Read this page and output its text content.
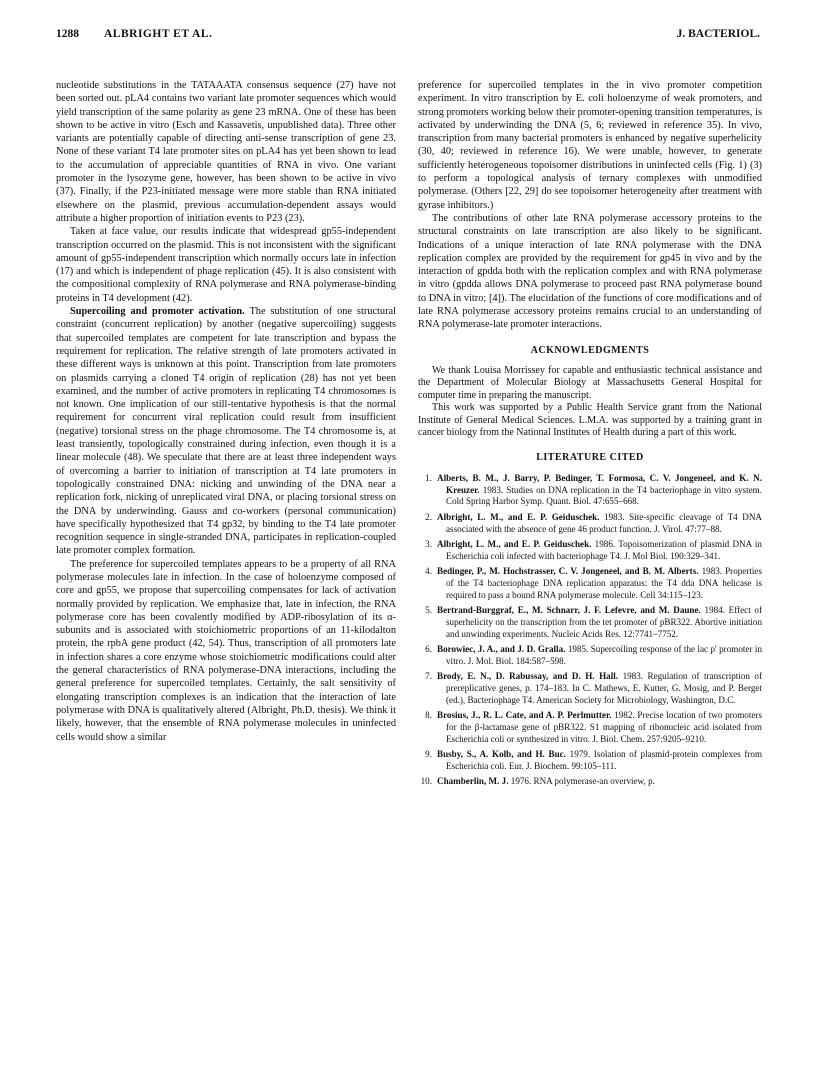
1288 ALBRIGHT ET AL.	J. BACTERIOL.

nucleotide substitutions in the TATAAATA consensus sequence (27) have not been sorted out. pLA4 contains two variant late promoter sequences which would yield transcription of the same polarity as gene 23 mRNA. One of these has been shown to be active in vitro (Esch and Kassavetis, unpublished data). Three other variants are potentially capable of directing anti-sense transcription of gene 23. None of these variant T4 late promoter sites on pLA4 has yet been shown to lead to the accumulation of appreciable quantities of RNA in vivo. One variant promoter in the lysozyme gene, however, has been shown to be active in vivo (37). Finally, if the P23-initiated message were more stable than RNA initiated elsewhere on the plasmid, previous accumulation-dependent assays would attribute a higher proportion of initiation events to P23 (23).

Taken at face value, our results indicate that widespread gp55-independent transcription occurred on the plasmid. This is not inconsistent with the significant amount of gp55-independent transcription which normally occurs late in infection (17) and which is independent of phage replication (45). It is also consistent with the compositional complexity of RNA polymerase and RNA polymerase-binding proteins in T4 development (42).

Supercoiling and promoter activation. The substitution of one structural constraint (concurrent replication) by another (negative supercoiling) suggests that supercoiled templates are competent for late transcription and bypass the requirement for replication. The relative strength of late promoters activated in these different ways is unknown at this point. Transcription from late promoters on plasmids carrying a cloned T4 origin of replication (28) has not yet been examined, and the number of active promoters in replicating T4 chromosomes is not known. One implication of our still-tentative hypothesis is that the normal requirement for concurrent viral replication could result from insufficient (negative) torsional stress on the phage chromosome. The T4 chromosome is, at least transiently, topologically constrained during infection, even though it is a linear molecule (48). We speculate that there are at least three independent ways of overcoming a barrier to initiation of transcription at T4 late promoters in topologically constrained DNA: nicking and unwinding of the DNA near a replication fork, nicking of unreplicated viral DNA, or placing torsional stress on the DNA by underwinding. Gauss and co-workers (personal communication) have specifically hypothesized that T4 gp32, by binding to the T4 late promoter recognition sequence in single-stranded DNA, participates in replication-coupled late promoter complex formation.

The preference for supercoiled templates appears to be a property of all RNA polymerase molecules late in infection. In the case of holoenzyme composed of core and gp55, we propose that supercoiling compensates for lack of activation normally provided by replication. We emphasize that, late in infection, the RNA polymerase core has been covalently modified by ADP-ribosylation of its α-subunits and is associated with stoichiometric proportions of an 11-kilodalton protein, the rpbA gene product (42, 54). Thus, transcription of all promoters late in infection shares a core enzyme whose stoichiometric modifications could alter the general characteristics of RNA polymerase-DNA interactions, including the general preference for supercoiled templates. Certainly, the salt sensitivity of elongating transcription complexes is an indication that the interaction of late polymerase with DNA is qualitatively altered (Albright, Ph.D. thesis). We think it likely, however, that the ensemble of RNA polymerase molecules in uninfected cells would show a similar

preference for supercoiled templates in the in vivo promoter competition experiment. In vitro transcription by E. coli holoenzyme of weak promoters, and strong promoters working below their promoter-opening transition temperatures, is activated by underwinding the DNA (5, 6; reviewed in reference 35). In vivo, transcription from many bacterial promoters is enhanced by negative superhelicity (30, 40; reviewed in reference 16). We were unable, however, to generate sufficiently heterogeneous topoisomer distributions in uninfected cells (Fig. 1) (3) to perform a topological analysis of ternary complexes with unmodified polymerase. (Others [22, 29] do see topoisomer heterogeneity after treatment with gyrase inhibitors.)

The contributions of other late RNA polymerase accessory proteins to the structural constraints on late transcription are also likely to be significant. Indications of a unique interaction of late RNA polymerase with the DNA replication complex are provided by the requirement for gp45 in vivo and by the interaction of gpdda both with the replication complex and with RNA polymerase in vitro (gpdda allows DNA polymerase to proceed past RNA polymerase bound to DNA in vitro; [4]). The elucidation of the functions of core modifications and of late RNA polymerase accessory proteins remains crucial to an understanding of RNA polymerase-late promoter interactions.

ACKNOWLEDGMENTS

We thank Louisa Morrissey for capable and enthusiastic technical assistance and the Department of Molecular Biology at Massachusetts General Hospital for computer time in preparing the manuscript.

This work was supported by a Public Health Service grant from the National Institute of General Medical Sciences. L.M.A. was supported by a training grant in cancer biology from the National Institutes of Health during a part of this work.

LITERATURE CITED
1. Alberts, B. M., J. Barry, P. Bedinger, T. Formosa, C. V. Jongeneel, and K. N. Kreuzer. 1983. Studies on DNA replication in the T4 bacteriophage in vitro system. Cold Spring Harbor Symp. Quant. Biol. 47:655–668.
2. Albright, L. M., and E. P. Geiduschek. 1983. Site-specific cleavage of T4 DNA associated with the absence of gene 46 product function. J. Virol. 47:77–88.
3. Albright, L. M., and E. P. Geiduschek. 1986. Topoisomerization of plasmid DNA in Escherichia coli infected with bacteriophage T4. J. Mol Biol. 190:329–341.
4. Bedinger, P., M. Hochstrasser, C. V. Jongeneel, and B. M. Alberts. 1983. Properties of the T4 bacteriophage DNA replication apparatus: the T4 dda DNA helicase is required to pass a bound RNA polymerase molecule. Cell 34:115–123.
5. Bertrand-Burggraf, E., M. Schnarr, J. F. Lefevre, and M. Daune. 1984. Effect of superhelicity on the transcription from the tet promoter of pBR322. Abortive initiation and unwinding experiments. Nucleic Acids Res. 12:7741–7752.
6. Borowiec, J. A., and J. D. Gralla. 1985. Supercoiling response of the lac p' promoter in vitro. J. Mol. Biol. 184:587–598.
7. Brody, E. N., D. Rabussay, and D. H. Hall. 1983. Regulation of transcription of prereplicative genes, p. 174–183. In C. Mathews, E. Kutter, G. Mosig, and P. Berget (ed.), Bacteriophage T4. American Society for Microbiology, Washington, D.C.
8. Brosius, J., R. L. Cate, and A. P. Perlmutter. 1982. Precise location of two promoters for the β-lactamase gene of pBR322. S1 mapping of ribonucleic acid isolated from Escherichia coli or synthesized in vitro. J. Biol. Chem. 257:9205–9210.
9. Busby, S., A. Kolb, and H. Buc. 1979. Isolation of plasmid-protein complexes from Escherichia coli. Eur. J. Biochem. 99:105–111.
10. Chamberlin, M. J. 1976. RNA polymerase-an overview, p.
